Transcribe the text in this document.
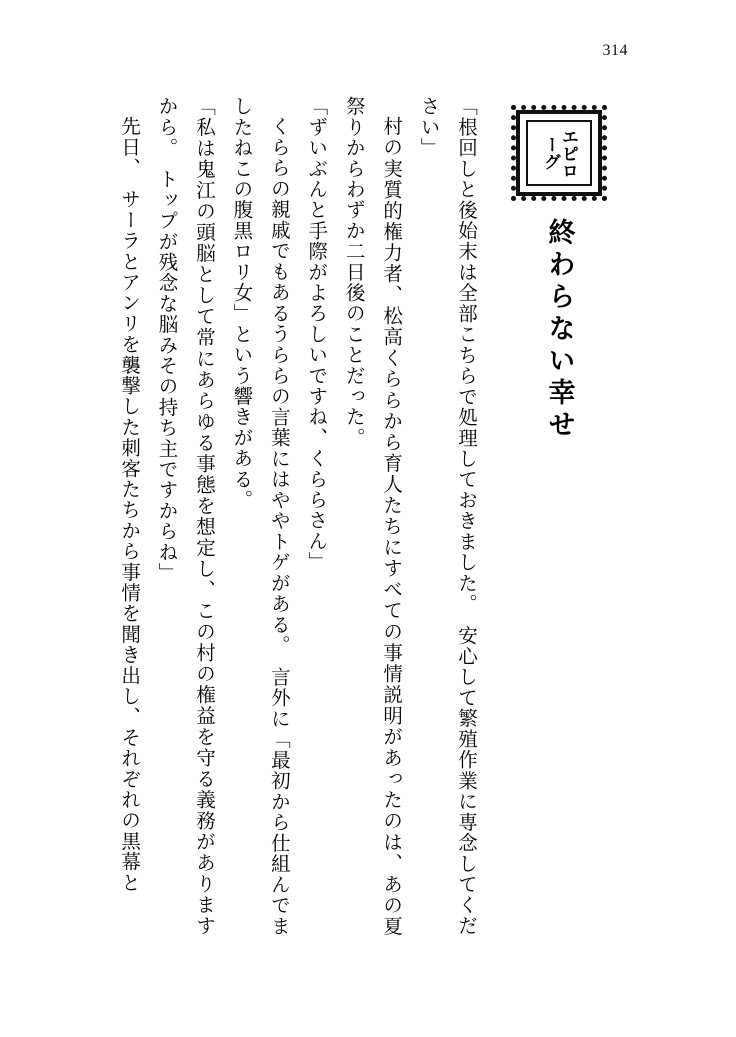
314
エピローグ
終わらない幸せ

「根回しと後始末は全部こちらで処理しておきました。　安心して繁殖作業に専念してください」

村の実質的権力者、松高くららから育人たちにすべての事情説明があったのは、あの夏祭りからわずか二日後のことだった。

「ずいぶんと手際がよろしいですね、くららさん」

くららの親戚でもあるうららの言葉にはややトゲがある。　言外に「最初から仕組んでましたねこの腹黒ロリ女」という響きがある。

「私は鬼江の頭脳として常にあらゆる事態を想定し、この村の権益を守る義務がありますから。　トップが残念な脳みその持ち主ですからね」

先日、　サーラとアンリを襲撃した刺客たちから事情を聞き出し、それぞれの黒幕と
